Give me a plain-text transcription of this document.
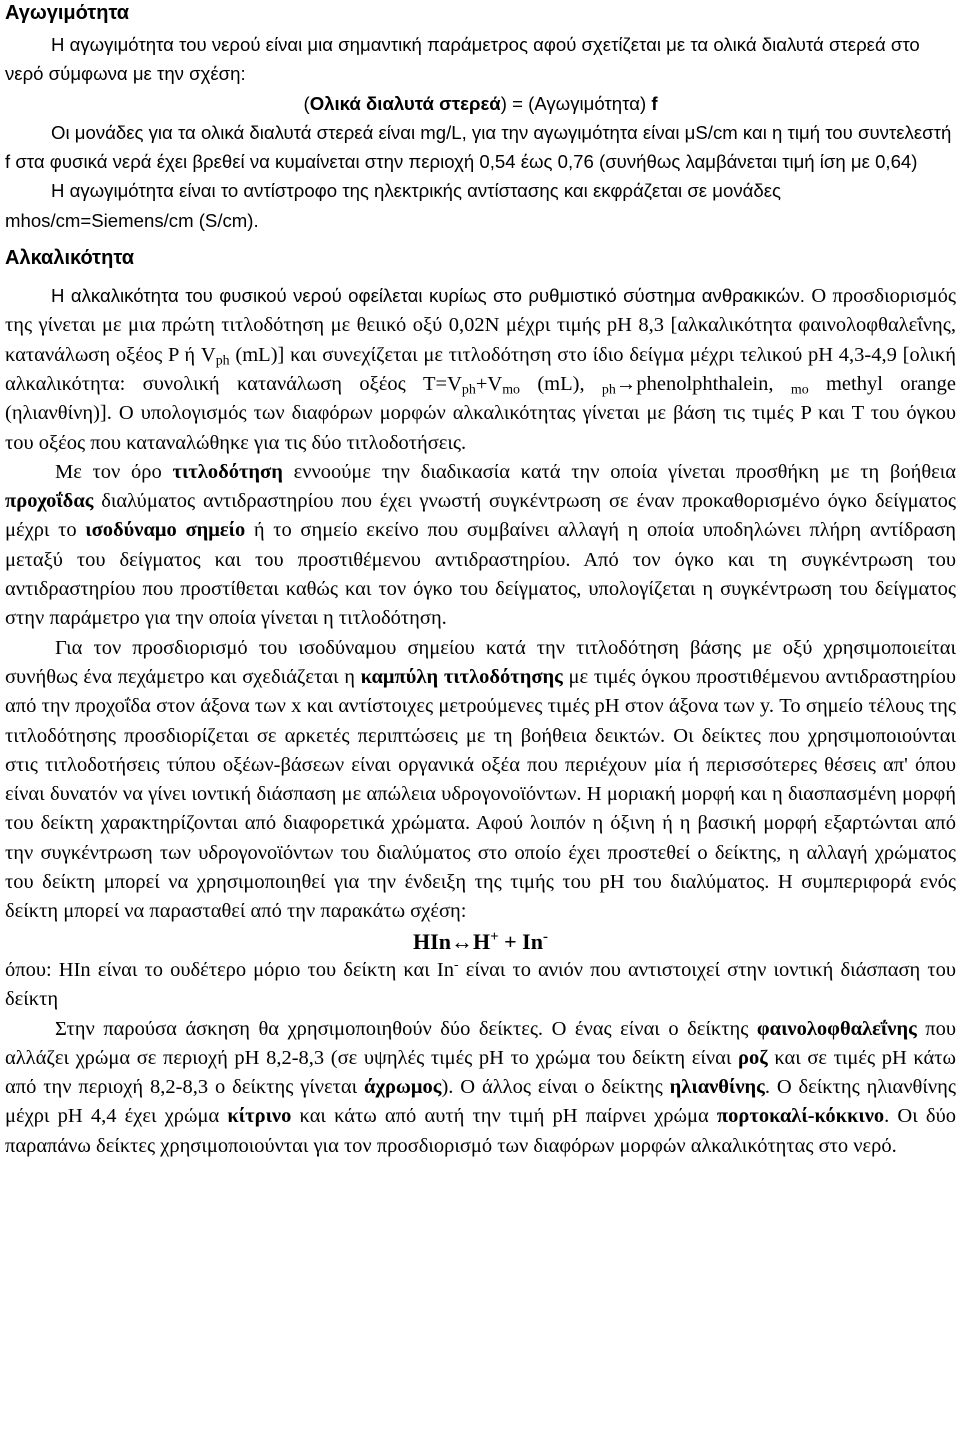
Αγωγιμότητα

Η αγωγιμότητα του νερού είναι μια σημαντική παράμετρος αφού σχετίζεται με τα ολικά διαλυτά στερεά στο νερό σύμφωνα με την σχέση:

(Ολικά διαλυτά στερεά) = (Αγωγιμότητα) f

Οι μονάδες για τα ολικά διαλυτά στερεά είναι mg/L, για την αγωγιμότητα είναι μS/cm και η τιμή του συντελεστή f στα φυσικά νερά έχει βρεθεί να κυμαίνεται στην περιοχή 0,54 έως 0,76 (συνήθως λαμβάνεται τιμή ίση με 0,64)

Η αγωγιμότητα είναι το αντίστροφο της ηλεκτρικής αντίστασης και εκφράζεται σε μονάδες mhos/cm=Siemens/cm (S/cm).

Αλκαλικότητα

Η αλκαλικότητα του φυσικού νερού οφείλεται κυρίως στο ρυθμιστικό σύστημα ανθρακικών. Ο προσδιορισμός της γίνεται με μια πρώτη τιτλοδότηση με θειικό οξύ 0,02Ν μέχρι τιμής pH 8,3 [αλκαλικότητα φαινολοφθαλεΐνης, κατανάλωση οξέος P ή $V_{ph}$ (mL)] και συνεχίζεται με τιτλοδότηση στο ίδιο δείγμα μέχρι τελικού pH 4,3-4,9 [ολική αλκαλικότητα: συνολική κατανάλωση οξέος $T=V_{ph}+V_{mo}$ (mL), $_{ph}$→phenolphthalein, $_{mo}$ methyl orange (ηλιανθίνη)]. Ο υπολογισμός των διαφόρων μορφών αλκαλικότητας γίνεται με βάση τις τιμές P και T του όγκου του οξέος που καταναλώθηκε για τις δύο τιτλοδοτήσεις.

Με τον όρο τιτλοδότηση εννοούμε την διαδικασία κατά την οποία γίνεται προσθήκη με τη βοήθεια προχοΐδας διαλύματος αντιδραστηρίου που έχει γνωστή συγκέντρωση σε έναν προκαθορισμένο όγκο δείγματος μέχρι το ισοδύναμο σημείο ή το σημείο εκείνο που συμβαίνει αλλαγή η οποία υποδηλώνει πλήρη αντίδραση μεταξύ του δείγματος και του προστιθέμενου αντιδραστηρίου. Από τον όγκο και τη συγκέντρωση του αντιδραστηρίου που προστίθεται καθώς και τον όγκο του δείγματος, υπολογίζεται η συγκέντρωση του δείγματος στην παράμετρο για την οποία γίνεται η τιτλοδότηση.

Για τον προσδιορισμό του ισοδύναμου σημείου κατά την τιτλοδότηση βάσης με οξύ χρησιμοποιείται συνήθως ένα πεχάμετρο και σχεδιάζεται η καμπύλη τιτλοδότησης με τιμές όγκου προστιθέμενου αντιδραστηρίου από την προχοΐδα στον άξονα των x και αντίστοιχες μετρούμενες τιμές pH στον άξονα των y. Το σημείο τέλους της τιτλοδότησης προσδιορίζεται σε αρκετές περιπτώσεις με τη βοήθεια δεικτών. Οι δείκτες που χρησιμοποιούνται στις τιτλοδοτήσεις τύπου οξέων-βάσεων είναι οργανικά οξέα που περιέχουν μία ή περισσότερες θέσεις απ' όπου είναι δυνατόν να γίνει ιοντική διάσπαση με απώλεια υδρογονοϊόντων. Η μοριακή μορφή και η διασπασμένη μορφή του δείκτη χαρακτηρίζονται από διαφορετικά χρώματα. Αφού λοιπόν η όξινη ή η βασική μορφή εξαρτώνται από την συγκέντρωση των υδρογονοϊόντων του διαλύματος στο οποίο έχει προστεθεί ο δείκτης, η αλλαγή χρώματος του δείκτη μπορεί να χρησιμοποιηθεί για την ένδειξη της τιμής του pH του διαλύματος. Η συμπεριφορά ενός δείκτη μπορεί να παρασταθεί από την παρακάτω σχέση:

HIn↔H+ + In-

όπου: HIn είναι το ουδέτερο μόριο του δείκτη και In- είναι το ανιόν που αντιστοιχεί στην ιοντική διάσπαση του δείκτη

Στην παρούσα άσκηση θα χρησιμοποιηθούν δύο δείκτες. Ο ένας είναι ο δείκτης φαινολοφθαλεΐνης που αλλάζει χρώμα σε περιοχή pH 8,2-8,3 (σε υψηλές τιμές pH το χρώμα του δείκτη είναι ροζ και σε τιμές pH κάτω από την περιοχή 8,2-8,3 ο δείκτης γίνεται άχρωμος). Ο άλλος είναι ο δείκτης ηλιανθίνης. Ο δείκτης ηλιανθίνης μέχρι pH 4,4 έχει χρώμα κίτρινο και κάτω από αυτή την τιμή pH παίρνει χρώμα πορτοκαλί-κόκκινο. Οι δύο παραπάνω δείκτες χρησιμοποιούνται για τον προσδιορισμό των διαφόρων μορφών αλκαλικότητας στο νερό.
